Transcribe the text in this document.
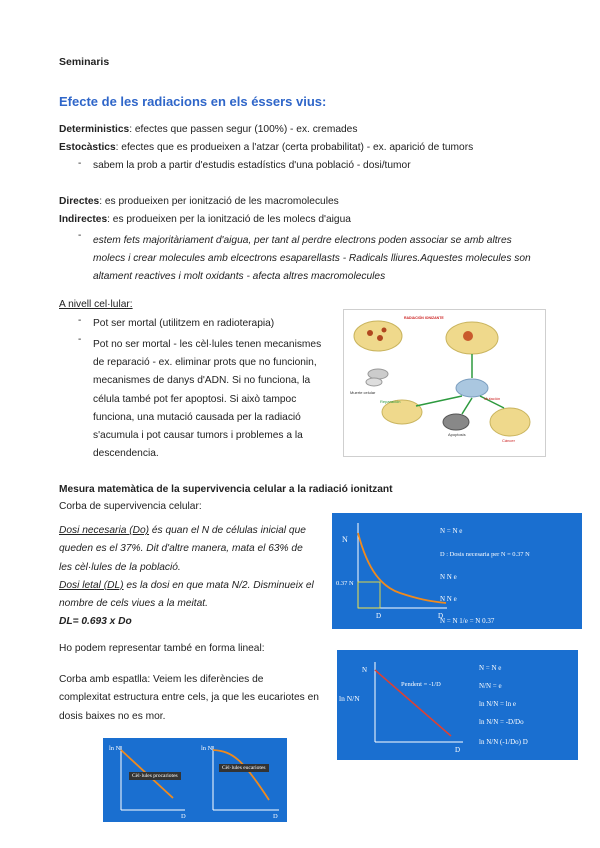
Seminaris
Efecte de les radiacions en els éssers vius:
Deterministics: efectes que passen segur (100%) - ex. cremades
Estocàstics: efectes que es produeixen a l'atzar (certa probabilitat) - ex. aparició de tumors
- sabem la prob a partir d'estudis estadístics d'una població - dosi/tumor
Directes: es produeixen per ionització de les macromolecules
Indirectes: es produeixen per la ionització de les molecs d'aigua
- estem fets majoritàriament d'aigua, per tant al perdre electrons poden associar se amb altres
molecs i crear molecules amb elcectrons esaparellasts - Radicals lliures.Aquestes molecules son
altament reactives i molt oxidants - afecta altres macromolecules
A nivell cel·lular:
- Pot ser mortal (utilitzem en radioterapia)
- Pot no ser mortal - les cèl·lules tenen mecanismes
de reparació - ex. eliminar prots que no funcionin,
mecanismes de danys d'ADN. Si no funciona, la
célula també pot fer apoptosi. Si això tampoc
funciona, una mutació causada per la radiació
s'acumula i pot causar tumors i problemes a la
descendencia.
RADIACIÓN IONIZANTE
Muerte celular
Reparación
Mutación
Apoptosis
Cáncer
Mesura matemàtica de la supervivencia celular a la radiació ionitzant
Corba de supervivencia celular:
Dosi necesaria (Do) és quan el N de células inicial que
queden es el 37%. Dit d'altre manera, mata el 63% de
les cèl·lules de la població.
Dosi letal (DL) es la dosi en que mata N/2. Disminueix el
nombre de cels viues a la meitat.
DL= 0.693 x Do
Ho podem representar també en forma lineal:
Corba amb espatlla: Veiem les diferències de
complexitat estructura entre cels, ja que les eucariotes en
dosis baixes no es mor.
N
0.37 N
D	D
N = N e
D : Dosis necesaria per N = 0.37 N
N N e
N N e
N = N 1/e = N 0.37
N
ln N/N
Pendent = -1/D
D
N = N e
N/N = e
ln N/N = ln e
ln N/N = -D/Do
ln N/N (-1/Do) D
ln N	ln N
D	D
Cèl·lules procariotes
Cèl·lules eucariotes
